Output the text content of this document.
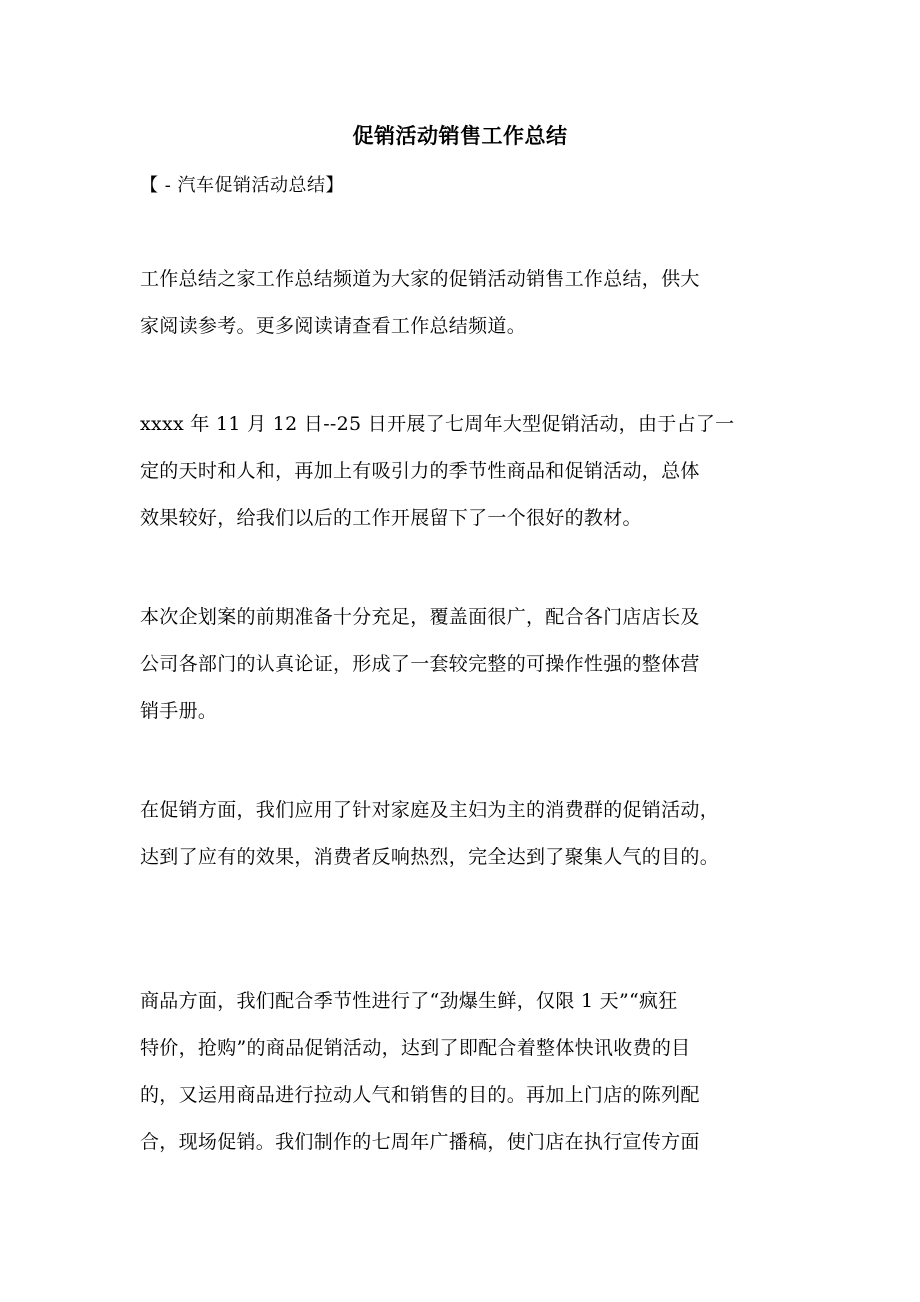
促销活动销售工作总结
【 - 汽车促销活动总结】
工作总结之家工作总结频道为大家的促销活动销售工作总结，供大
家阅读参考。更多阅读请查看工作总结频道。
xxxx 年 11 月 12 日--25 日开展了七周年大型促销活动，由于占了一
定的天时和人和，再加上有吸引力的季节性商品和促销活动，总体
效果较好，给我们以后的工作开展留下了一个很好的教材。
本次企划案的前期准备十分充足，覆盖面很广，配合各门店店长及
公司各部门的认真论证，形成了一套较完整的可操作性强的整体营
销手册。
在促销方面，我们应用了针对家庭及主妇为主的消费群的促销活动，
达到了应有的效果，消费者反响热烈，完全达到了聚集人气的目的。
商品方面，我们配合季节性进行了“劲爆生鲜，仅限 1 天”“疯狂
特价，抢购”的商品促销活动，达到了即配合着整体快讯收费的目
的，又运用商品进行拉动人气和销售的目的。再加上门店的陈列配
合，现场促销。我们制作的七周年广播稿，使门店在执行宣传方面
